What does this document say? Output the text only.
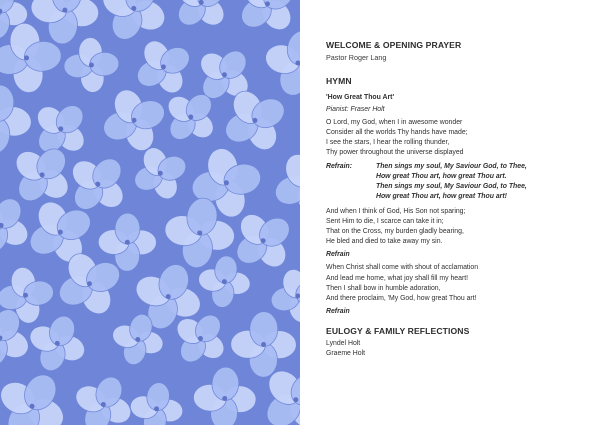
WELCOME & OPENING PRAYER
Pastor Roger Lang
HYMN
'How Great Thou Art'
Pianist: Fraser Holt
O Lord, my God, when I in awesome wonder
Consider all the worlds Thy hands have made;
I see the stars, I hear the rolling thunder,
Thy power throughout the universe displayed
Refrain:	Then sings my soul, My Saviour God, to Thee,
How great Thou art, how great Thou art.
Then sings my soul, My Saviour God, to Thee,
How great Thou art, how great Thou art!
And when I think of God, His Son not sparing;
Sent Him to die, I scarce can take it in;
That on the Cross, my burden gladly bearing,
He bled and died to take away my sin.
Refrain
When Christ shall come with shout of acclamation
And lead me home, what joy shall fill my heart!
Then I shall bow in humble adoration,
And there proclaim, 'My God, how great Thou art!
Refrain
EULOGY & FAMILY REFLECTIONS
Lyndel Holt
Graeme Holt
